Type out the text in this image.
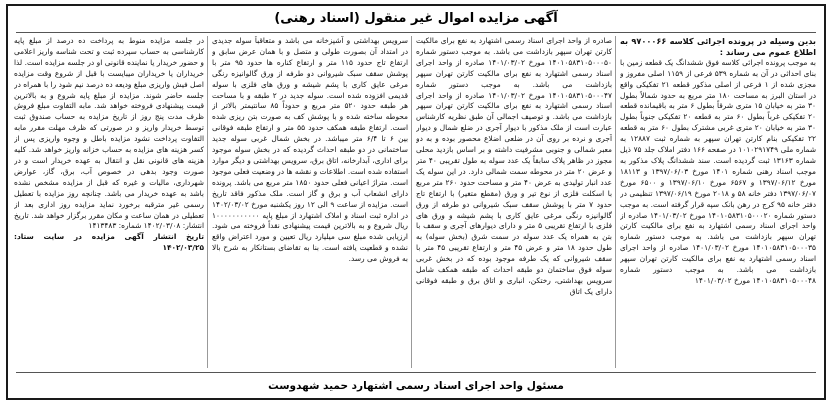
آگهی مزایده اموال غیر منقول (اسناد رهنی)

بدین وسیله در پرونده اجرائی کلاسه ۹۷۰۰۰۶۶ به اطلاع عموم می رساند :

به موجب پرونده اجرائی کلاسه فوق ششدانگ یک قطعه زمین با بنای احداثی در آن به شماره ۵۳۹ فرعی از ۱۱۵۹ اصلی مفروز و مجزی شده از ۱ فرعی از اصلی مذکور قطعه ۲۱ تفکیکی واقع در استان البرز به مساحت ۱۸۰ متر مربع به حدود شمالاً بطول ۳۰ متر به خیابان ۱۵ متری شرقاً بطول ۶ متر به باقیمانده قطعه ۲۰ تفکیکی غرباً بطول ۶۰ متر به قطعه ۲۰ تفکیکی جنوباً بطول ۳۰ متر به خیابان ۲۰ متری غربی مشترک بطول ۶۰ متر به قطعه ۲۲ تفکیکی بنام کارتن تهران سپهر به شماره ثبت ۱۲۸۸۷ به شماره ملی ۱۰۱۰۲۹۱۷۴۹ در صفحه ۱۶۶ دفتر املاک جلد ۷۵ ذیل شماره ۱۳۱۶۳ ثبت گردیده است. سند ششدانگ پلاک مذکور به موجب اسناد رهنی شماره ۱۴۰۱ مورخ ۱۳۹۷/۰۶/۰۳ و ۱۸۱۱۳ مورخ ۱۳۹۷/۰۶/۱۲ و ۶۵۶۷ مورخ ۱۳۹۷/۰۶/۱۰ و ۶۵۰۰ مورخ ۱۳۹۷/۰۶/۰۷ دفتر خانه ۵۸ و ۲۰۱۸ مورخ ۱۳۹۷/۰۶/۱۹ تنظیمی در دفتر خانه ۹۵ کرج در رهن بانک سپه قرار گرفته است. به موجب دستور شماره ۱۴۰۱۰۵۸۳۱۰۵۰۰۰۲۰ مورخ ۱۴۰۱/۰۳/۰۲ صادره از واحد اجرای اسناد رسمی اشتهارد به نفع برای مالکیت کارتن تهران سپهر بازداشت می باشد. به موجب دستور شماره ۱۴۰۱۰۵۸۳۱۰۵۰۰۰۳۵ مورخ ۱۴۰۱/۰۳/۰۲ صادره از واحد اجرای اسناد رسمی اشتهارد به نفع برای مالکیت کارتن تهران سپهر بازداشت می باشد. به موجب دستور شماره ۱۴۰۱۰۵۸۳۱۰۵۰۰۰۴۸ مورخ ۱۴۰۱/۰۳/۰۲

صادره از واحد اجرای اسناد رسمی اشتهارد به نفع برای مالکیت کارتن تهران سپهر بازداشت می باشد. به موجب دستور شماره ۱۴۰۱۰۵۸۳۱۰۵۰۰۰۵۰ مورخ ۱۴۰۱/۰۳/۰۲ صادره از واحد اجرای اسناد رسمی اشتهارد به نفع برای مالکیت کارتن تهران سپهر بازداشت می باشد. به موجب دستور شماره ۱۴۰۱۰۵۸۳۱۰۵۰۰۰۴۷ مورخ ۱۴۰۱/۰۳/۰۲ صادره از واحد اجرای اسناد رسمی اشتهارد به نفع برای مالکیت کارتن تهران سپهر بازداشت می باشد. و توصیف اجمالی آن طبق نظریه کارشناس عبارت است از ملک مذکور با دیوار آجری در ضلع شمال و دیوار آجری و نرده بر روی آن در ضلعی اضلاع محصور بوده و به دو معبر شمالی و جنوبی مشرفیت داشته و بر اساس بازدید محلی مجوز در ظاهر پلاک سابقاً یک عدد سوله به طول تقریبی ۴۰ متر و عرض ۲۰ متر در محوطه سمت شمالی دارد. در این سوله یک عدد انبار تولیدی به عرض ۴۰ متر و مساحت حدود ۲۶۰ متر مربع با اسکلت فلزی از نوع تیر و ورق (مقطع متغیر) با ارتفاع تاج حدود ۷ متر با پوشش سقف سبک شیروانی دو طرفه از ورق گالوانیزه رنگی مرغی عایق کاری با پشم شیشه و ورق های فلزی با ارتفاع تقریبی ۵ متر و دارای دیوارهای آجری و سقف با بتن به همراه یک عدد سوله در سمت شرق (بخش سوله) به طول حدود ۱۸ متر و عرض ۴۵ متر و ارتفاع تقریبی ۴۵ متر با سقف شیروانی که یک طرفه موجود بوده که در بخش غربی سوله فوق ساختمان دو طبقه احداث که طبقه همکف شامل سرویس بهداشتی، رختکن، انباری و اتاق برق و طبقه فوقانی دارای یک اتاق

سرویس بهداشتی و آشپزخانه می باشد و متعاقباً سوله جدیدی در امتداد آن بصورت طولی و متصل و با همان عرض سابق و ارتفاع تاج حدود ۱۱۵ متر و ارتفاع کناره ها حدود ۹۵ متر با پوشش سقف سبک شیروانی دو طرفه از ورق گالوانیزه رنگی مرغی عایق کاری با پشم شیشه و ورق های فلزی با سوله قدیمی افزوده شده است. سوله جدید در ۲ طبقه و با مساحت هر طبقه حدود ۵۲۰ متر مربع و حدوداً ۸۵ سانتیمتر بالاتر از محوطه ساخته شده و با پوشش کف به صورت بتن ریزی شده است. ارتفاع طبقه همکف حدود ۵۵ متر و ارتفاع طبقه فوقانی بین ۶ تا ۶/۴ متر میباشد. در بخش شمال غربی سوله جدید ساختمانی در دو طبقه احداث گردیده که در بخش سوله موجود برای اداری، آبدارخانه، اتاق برق، سرویس بهداشتی و دیگر موارد استفاده شده است. اطلاعات و نقشه ها در وضعیت فعلی موجود است. متراژ اعیانی فعلی حدود ۱۸۵۰ متر مربع می باشد. پرونده دارای انشعاب آب و برق و گاز است. ملک مذکور فاقد تاریخ است. مزایده از ساعت ۹ الی ۱۲ روز یکشنبه مورخ ۱۴۰۲/۰۳/۰۲ در اداره ثبت اسناد و املاک اشتهارد از مبلغ پایه ۱۰۰۰۰۰۰۰۰۰۰۰ ریال شروع و به بالاترین قیمت پیشنهادی نقداً فروخته می شود. ارزیابی شده مبلغ سی میلیارد ریال تعیین و مورد اعتراض واقع نشده و قطعیت یافته است. بنا به تقاضای بستانکار به شرح بالا به فروش می رسد.

در جلسه مزایده منوط به پرداخت ده درصد از مبلغ پایه کارشناسی به حساب سپرده ثبت و تحت شناسه واریز اعلامی و حضور خریدار یا نماینده قانونی او در جلسه مزایده است. لذا خریداران یا خریداران میبایست با قبل از شروع وقت مزایده اصل فیش واریزی مبلغ ودیعه ده درصد نیم شود را با همراه در جلسه حاضر شوند. مزایده از مبلغ پایه شروع و به بالاترین قیمت پیشنهادی فروخته خواهد شد. مابه التفاوت مبلغ فروش ظرف مدت پنج روز از تاریخ مزایده به حساب صندوق ثبت توسط خریدار واریز و در صورتی که ظرف مهلت مقرر مابه التفاوت پرداخت نشود مزایده باطل و وجوه واریزی پس از کسر هزینه های مزایده به حساب خزانه واریز خواهد شد. کلیه هزینه های قانونی نقل و انتقال به عهده خریدار است و در صورت وجود بدهی در خصوص آب، برق، گاز، عوارض شهرداری، مالیات و غیره که قبل از مزایده مشخص نشده باشد به عهده خریدار می باشد. چنانچه روز مزایده با تعطیل رسمی غیر مترقبه برخورد نماید مزایده روز اداری بعد از تعطیلی در همان ساعت و مکان مقرر برگزار خواهد شد. تاریخ انتشار: ۱۴۰۲/۰۳/۰۸ شماره: ۱۴۱۳۴۸۳

تاریخ انتشار آگهی مزایده در سایت ستاد: ۱۴۰۲/۰۳/۲۵

مسئول واحد اجرای اسناد رسمی اشتهارد حمید شهدوست
